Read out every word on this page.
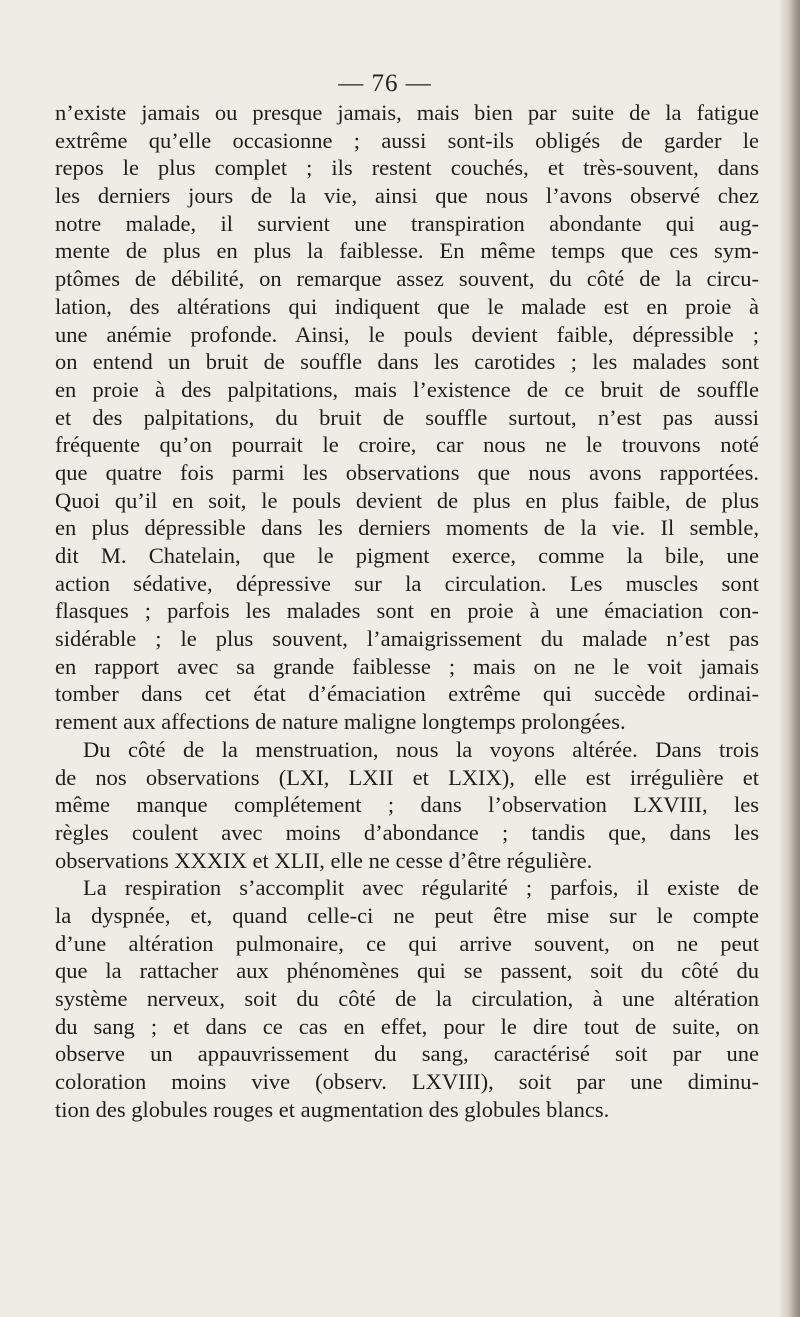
— 76 —
n’existe jamais ou presque jamais, mais bien par suite de la fatigue
extrême qu’elle occasionne ; aussi sont-ils obligés de garder le
repos le plus complet ; ils restent couchés, et très-souvent, dans
les derniers jours de la vie, ainsi que nous l’avons observé chez
notre malade, il survient une transpiration abondante qui aug-
mente de plus en plus la faiblesse. En même temps que ces sym-
ptômes de débilité, on remarque assez souvent, du côté de la circu-
lation, des altérations qui indiquent que le malade est en proie à
une anémie profonde. Ainsi, le pouls devient faible, dépressible ;
on entend un bruit de souffle dans les carotides ; les malades sont
en proie à des palpitations, mais l’existence de ce bruit de souffle
et des palpitations, du bruit de souffle surtout, n’est pas aussi
fréquente qu’on pourrait le croire, car nous ne le trouvons noté
que quatre fois parmi les observations que nous avons rapportées.
Quoi qu’il en soit, le pouls devient de plus en plus faible, de plus
en plus dépressible dans les derniers moments de la vie. Il semble,
dit M. Chatelain, que le pigment exerce, comme la bile, une
action sédative, dépressive sur la circulation. Les muscles sont
flasques ; parfois les malades sont en proie à une émaciation con-
sidérable ; le plus souvent, l’amaigrissement du malade n’est pas
en rapport avec sa grande faiblesse ; mais on ne le voit jamais
tomber dans cet état d’émaciation extrême qui succède ordinai-
rement aux affections de nature maligne longtemps prolongées.
Du côté de la menstruation, nous la voyons altérée. Dans trois
de nos observations (LXI, LXII et LXIX), elle est irrégulière et
même manque complétement ; dans l’observation LXVIII, les
règles coulent avec moins d’abondance ; tandis que, dans les
observations XXXIX et XLII, elle ne cesse d’être régulière.
La respiration s’accomplit avec régularité ; parfois, il existe de
la dyspnée, et, quand celle-ci ne peut être mise sur le compte
d’une altération pulmonaire, ce qui arrive souvent, on ne peut
que la rattacher aux phénomènes qui se passent, soit du côté du
système nerveux, soit du côté de la circulation, à une altération
du sang ; et dans ce cas en effet, pour le dire tout de suite, on
observe un appauvrissement du sang, caractérisé soit par une
coloration moins vive (observ. LXVIII), soit par une diminu-
tion des globules rouges et augmentation des globules blancs.
